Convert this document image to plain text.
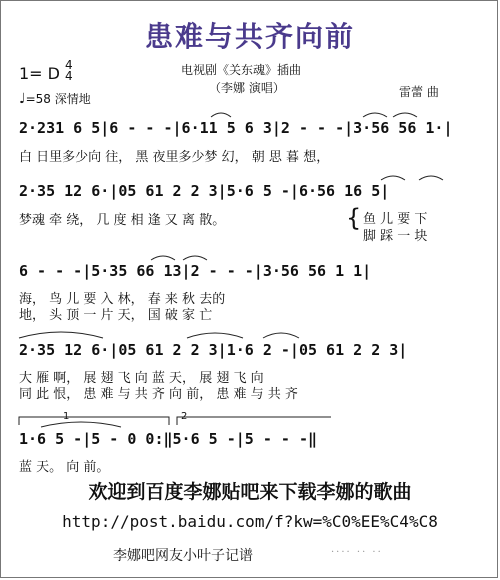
患难与共齐向前
1= D 4
4
♩=58 深情地
电视剧《关东魂》插曲
（李娜 演唱）	雷蕾 曲
2·231 6 5|6 - - -|6·11 5 6 3|2 - - -|3·56 56 1·|
白 日里多少向 往， 黑 夜里多少梦 幻， 朝 思 暮 想，
2·35 12 6·|05 61 2 2 3|5·6 5 -|6·56 16 5|
梦魂 牵 绕， 几 度 相 逢 又 离 散。	{ 鱼 儿 要 下
脚 踩 一 块
6 - - -|5·35 66 13|2 - - -|3·56 56 1 1|
海， 鸟 儿 要 入 林， 春 来 秋 去的
地， 头 顶 一 片 天， 国 破 家 亡
2·35 12 6·|05 61 2 2 3|1·6 2 -|05 61 2 2 3|
大 雁 啊， 展 翅 飞 向 蓝 天， 展 翅 飞 向
同 此 恨， 患 难 与 共 齐 向 前， 患 难 与 共 齐
1	2
1·6 5 -|5 - 0 0:‖5·6 5 -|5 - - -‖
蓝 天。 向 前。
欢迎到百度李娜贴吧来下载李娜的歌曲
http://post.baidu.com/f?kw=%C0%EE%C4%C8
李娜吧网友小叶子记谱	···· ·· ··
